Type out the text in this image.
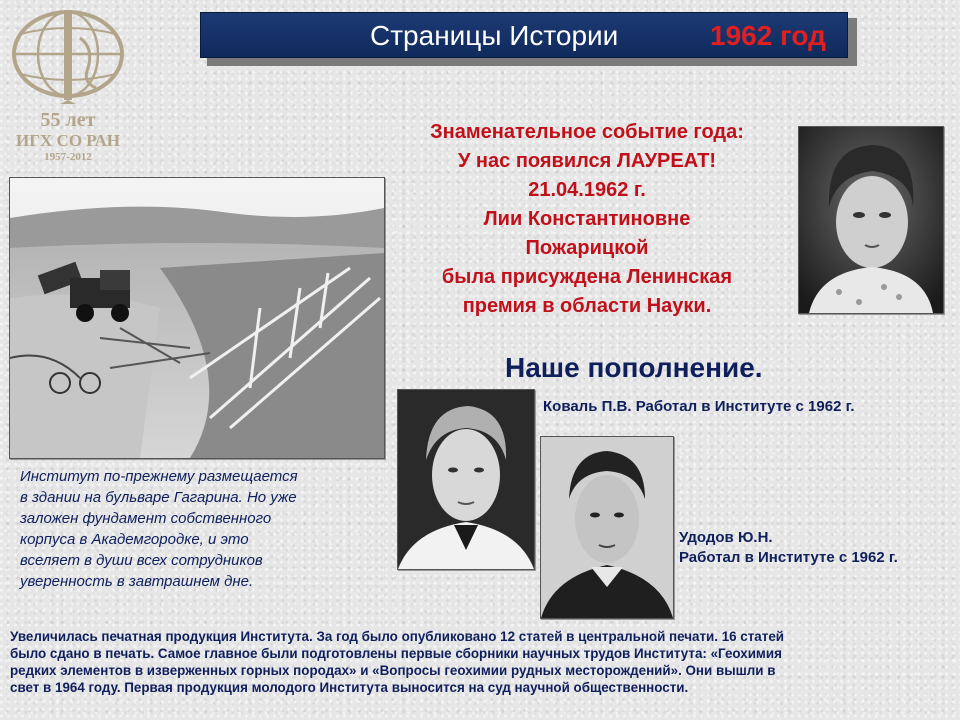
55 лет
ИГХ СО РАН
1957-2012
Страницы Истории	1962 год
Знаменательное событие года:
У нас появился ЛАУРЕАТ!
21.04.1962 г.
Лии Константиновне
Пожарицкой
была присуждена Ленинская
премия в области Науки.
Наше пополнение.
Коваль П.В. Работал в Институте с 1962 г.
Удодов Ю.Н.
Работал в Институте с 1962 г.
Институт по-прежнему размещается
в здании на бульваре Гагарина. Но уже
заложен фундамент собственного
корпуса в Академгородке, и это
вселяет в души всех сотрудников
уверенность в завтрашнем дне.
Увеличилась печатная продукция Института. За год было опубликовано 12 статей в центральной печати. 16 статей
было сдано в печать. Самое главное были подготовлены первые сборники научных трудов Института: «Геохимия
редких элементов в изверженных горных породах» и «Вопросы геохимии рудных месторождений». Они вышли в
свет в 1964 году. Первая продукция молодого Института выносится на суд научной общественности.
